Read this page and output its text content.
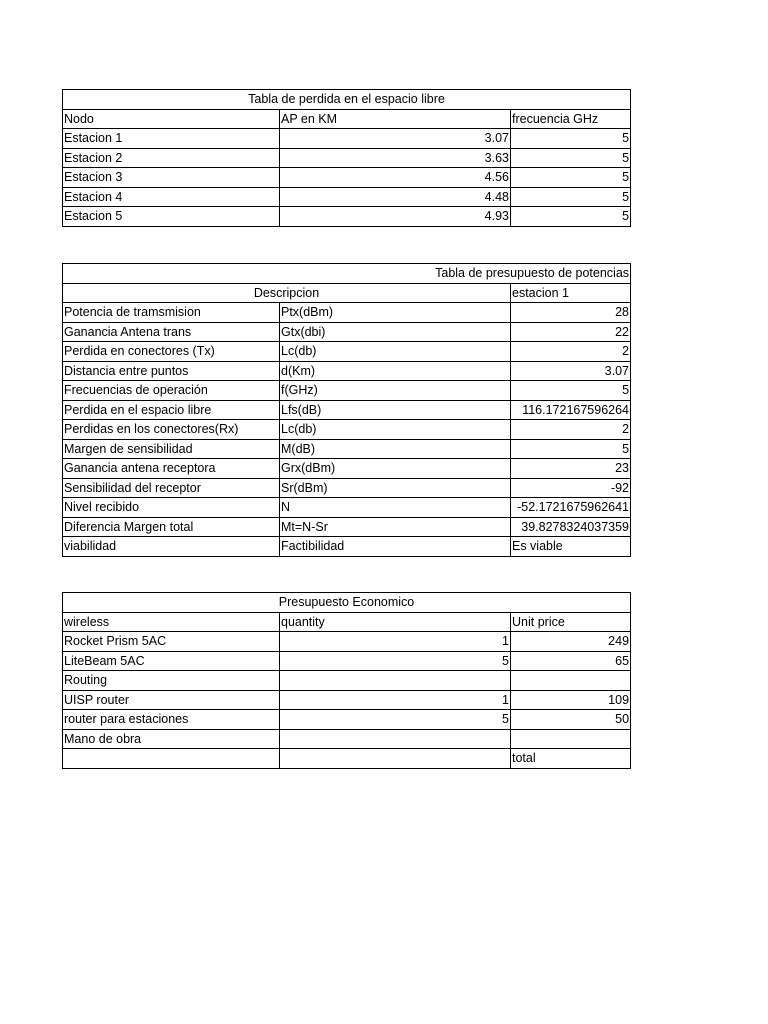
Tabla de perdida en el espacio libre		
Nodo	AP en KM	frecuencia GHz
Estacion 1	3.07	5
Estacion 2	3.63	5
Estacion 3	4.56	5
Estacion 4	4.48	5
Estacion 5	4.93	5
Tabla de presupuesto de potencias		
Descripcion		estacion 1
Potencia de tramsmision	Ptx(dBm)	28
Ganancia Antena trans	Gtx(dbi)	22
Perdida en conectores (Tx)	Lc(db)	2
Distancia entre puntos	d(Km)	3.07
Frecuencias de operación	f(GHz)	5
Perdida en el espacio libre	Lfs(dB)	116.172167596264
Perdidas en los conectores(Rx)	Lc(db)	2
Margen de sensibilidad	M(dB)	5
Ganancia antena receptora	Grx(dBm)	23
Sensibilidad del receptor	Sr(dBm)	-92
Nivel recibido	N	-52.1721675962641
Diferencia Margen total	Mt=N-Sr	39.8278324037359
viabilidad	Factibilidad	Es viable
Presupuesto Economico		
wireless	quantity	Unit price
Rocket Prism 5AC	1	249
LiteBeam 5AC	5	65
Routing		
UISP router	1	109
router para estaciones	5	50
Mano de obra		
		total
